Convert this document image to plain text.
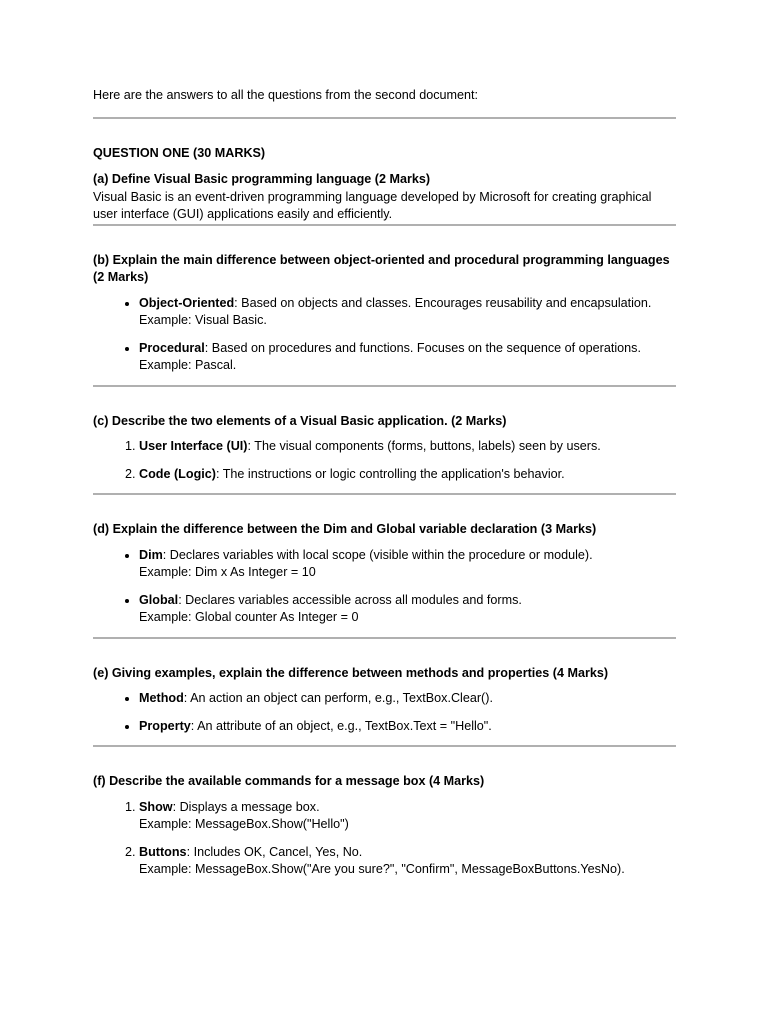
Here are the answers to all the questions from the second document:

QUESTION ONE (30 MARKS)

(a) Define Visual Basic programming language (2 Marks)

Visual Basic is an event-driven programming language developed by Microsoft for creating graphical user interface (GUI) applications easily and efficiently.

(b) Explain the main difference between object-oriented and procedural programming languages (2 Marks)

• Object-Oriented: Based on objects and classes. Encourages reusability and encapsulation.
Example: Visual Basic.
• Procedural: Based on procedures and functions. Focuses on the sequence of operations.
Example: Pascal.

(c) Describe the two elements of a Visual Basic application. (2 Marks)

1. User Interface (UI): The visual components (forms, buttons, labels) seen by users.
2. Code (Logic): The instructions or logic controlling the application's behavior.

(d) Explain the difference between the Dim and Global variable declaration (3 Marks)

• Dim: Declares variables with local scope (visible within the procedure or module).
Example: Dim x As Integer = 10
• Global: Declares variables accessible across all modules and forms.
Example: Global counter As Integer = 0

(e) Giving examples, explain the difference between methods and properties (4 Marks)

• Method: An action an object can perform, e.g., TextBox.Clear().
• Property: An attribute of an object, e.g., TextBox.Text = "Hello".

(f) Describe the available commands for a message box (4 Marks)

1. Show: Displays a message box.
Example: MessageBox.Show("Hello")
2. Buttons: Includes OK, Cancel, Yes, No.
Example: MessageBox.Show("Are you sure?", "Confirm", MessageBoxButtons.YesNo).
